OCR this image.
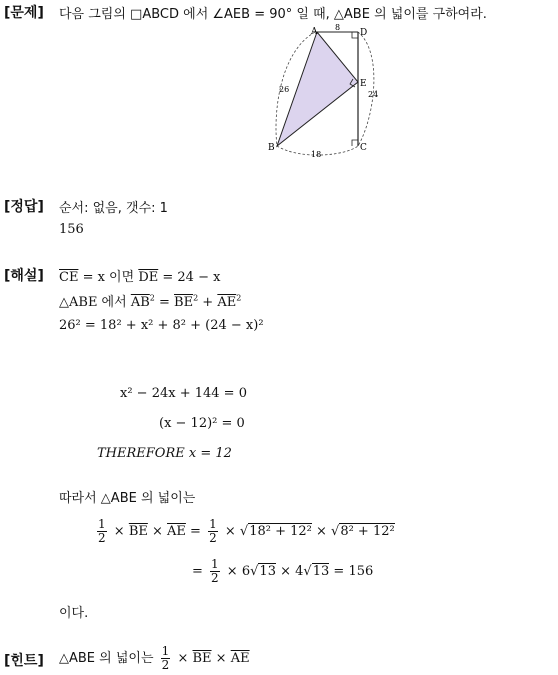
[문제] 다음 그림의 □ABCD 에서 ∠AEB = 90° 일 때, △ABE 의 넓이를 구하여라.
A	D
E
B	C
8
26
24
18
[정답] 순서: 없음, 갯수: 1
156
[해설] $\overline{CE} = x$ 이면 $\overline{DE} = 24 - x$
△ABE 에서 $\overline{AB}^2 = \overline{BE}^2 + \overline{AE}^2$
26² = 18² + x² + 8² + (24 − x)²
x² − 24x + 144 = 0
(x − 12)² = 0
THEREFORE x = 12
따라서 △ABE 의 넓이는
$\frac{1}{2} \times \overline{BE} \times \overline{AE} = \frac{1}{2} \times √18^2 + 12^2 \times √8^2 + 12^2$
= $\frac{1}{2} \times 6√13 \times 4√13 = 156$
이다.
[힌트] △ABE 의 넓이는 $\frac{1}{2} \times \overline{BE} \times \overline{AE}$
